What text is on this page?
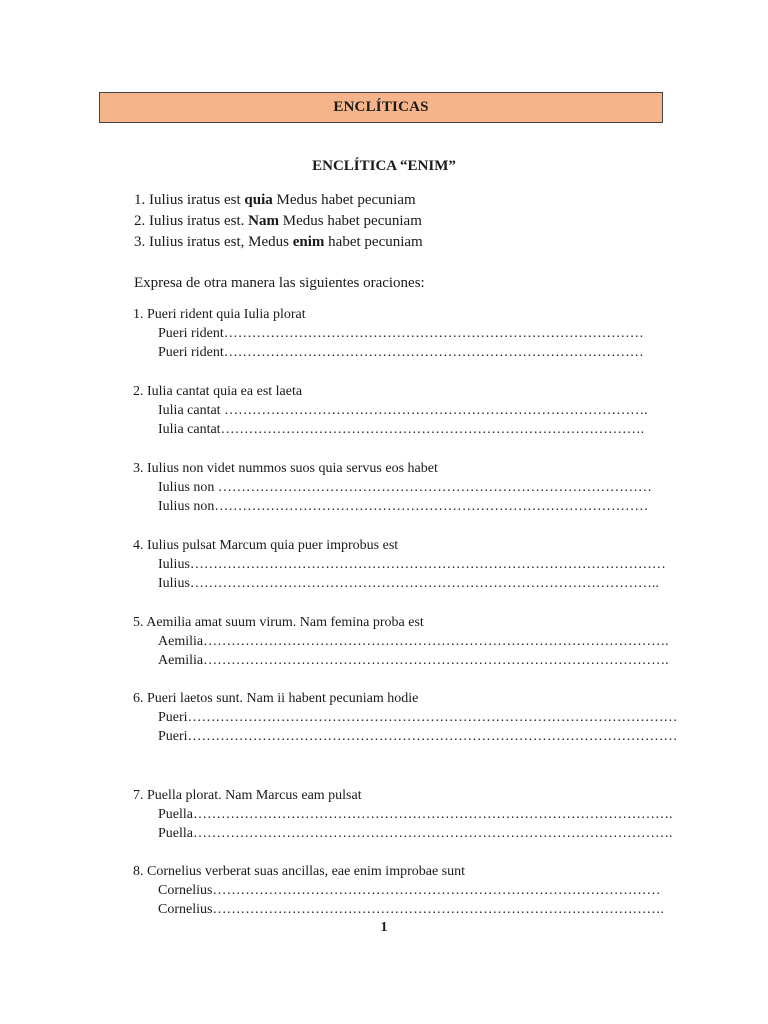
ENCLÍTICAS
ENCLÍTICA “ENIM”
1. Iulius iratus est quia Medus habet pecuniam
2. Iulius iratus est. Nam Medus habet pecuniam
3. Iulius iratus est, Medus enim habet pecuniam
Expresa de otra manera las siguientes oraciones:
1. Pueri rident quia Iulia plorat
Pueri rident………………………………………………………………………………
Pueri rident………………………………………………………………………………
2. Iulia cantat quia ea est laeta
Iulia cantat ……………………………………………………………………………….
Iulia cantat……………………………………………………………………………….
3. Iulius non videt nummos suos quia servus eos habet
Iulius non …………………………………………………………………………………
Iulius non…………………………………………………………………………………
4. Iulius pulsat Marcum quia puer improbus est
Iulius…………………………………………………………………………………………
Iulius………………………………………………………………………………………..
5. Aemilia amat suum virum. Nam femina proba est
Aemilia……………………………………………………………………………………….
Aemilia……………………………………………………………………………………….
6. Pueri laetos sunt. Nam ii habent pecuniam hodie
Pueri……………………………………………………………………………………………
Pueri……………………………………………………………………………………………
7. Puella plorat. Nam Marcus eam pulsat
Puella………………………………………………………………………………………….
Puella………………………………………………………………………………………….
8. Cornelius verberat suas ancillas, eae enim improbae sunt
Cornelius……………………………………………………………………………………
Cornelius…………………………………………………………………………………….
1
